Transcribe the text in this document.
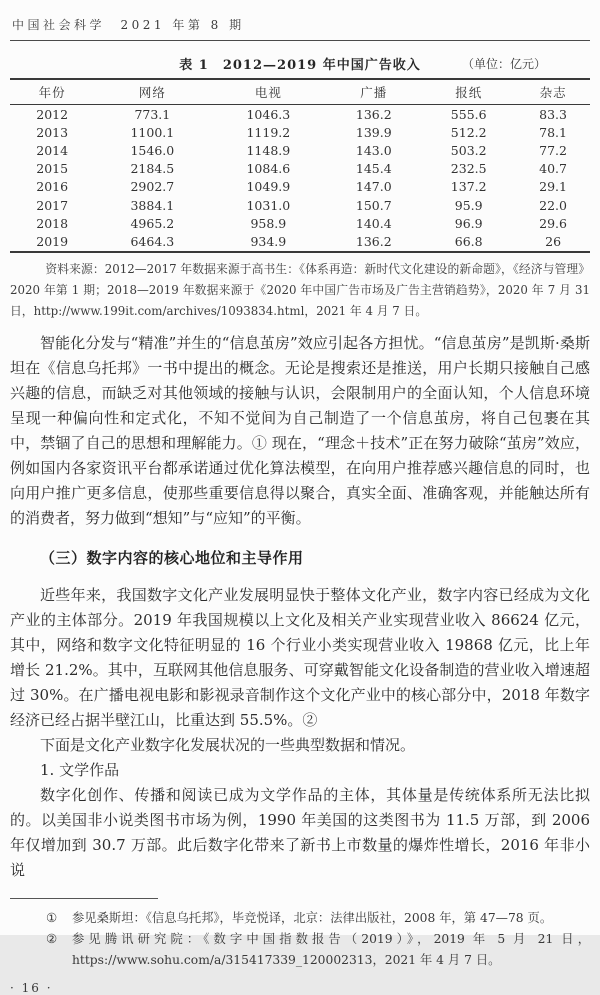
中国社会科学　2021 年第 8 期
表 1　2012—2019 年中国广告收入	（单位：亿元）
年份	网络	电视	广播	报纸	杂志
2012	773.1	1046.3	136.2	555.6	83.3
2013	1100.1	1119.2	139.9	512.2	78.1
2014	1546.0	1148.9	143.0	503.2	77.2
2015	2184.5	1084.6	145.4	232.5	40.7
2016	2902.7	1049.9	147.0	137.2	29.1
2017	3884.1	1031.0	150.7	95.9	22.0
2018	4965.2	958.9	140.4	96.9	29.6
2019	6464.3	934.9	136.2	66.8	26

资料来源：2012—2017 年数据来源于高书生：《体系再造：新时代文化建设的新命题》，《经济与管理》2020 年第 1 期；2018—2019 年数据来源于《2020 年中国广告市场及广告主营销趋势》，2020 年 7 月 31 日，http://www.199it.com/archives/1093834.html，2021 年 4 月 7 日。

智能化分发与“精准”并生的“信息茧房”效应引起各方担忧。“信息茧房”是凯斯·桑斯坦在《信息乌托邦》一书中提出的概念。无论是搜索还是推送，用户长期只接触自己感兴趣的信息，而缺乏对其他领域的接触与认识，会限制用户的全面认知，个人信息环境呈现一种偏向性和定式化，不知不觉间为自己制造了一个信息茧房，将自己包裹在其中，禁锢了自己的思想和理解能力。① 现在，“理念＋技术”正在努力破除“茧房”效应，例如国内各家资讯平台都承诺通过优化算法模型，在向用户推荐感兴趣信息的同时，也向用户推广更多信息，使那些重要信息得以聚合，真实全面、准确客观，并能触达所有的消费者，努力做到“想知”与“应知”的平衡。

（三）数字内容的核心地位和主导作用

近些年来，我国数字文化产业发展明显快于整体文化产业，数字内容已经成为文化产业的主体部分。2019 年我国规模以上文化及相关产业实现营业收入 86624 亿元，其中，网络和数字文化特征明显的 16 个行业小类实现营业收入 19868 亿元，比上年增长 21.2%。其中，互联网其他信息服务、可穿戴智能文化设备制造的营业收入增速超过 30%。在广播电视电影和影视录音制作这个文化产业中的核心部分中，2018 年数字经济已经占据半壁江山，比重达到 55.5%。②

下面是文化产业数字化发展状况的一些典型数据和情况。

1. 文学作品

数字化创作、传播和阅读已成为文学作品的主体，其体量是传统体系所无法比拟的。以美国非小说类图书市场为例，1990 年美国的这类图书为 11.5 万部，到 2006 年仅增加到 30.7 万部。此后数字化带来了新书上市数量的爆炸性增长，2016 年非小说

①	参见桑斯坦：《信息乌托邦》，毕竞悦译，北京：法律出版社，2008 年，第 47—78 页。
②	参见腾讯研究院：《数字中国指数报告（2019）》，2019 年 5 月 21 日，https://www.sohu.com/a/315417339_120002313，2021 年 4 月 7 日。
· 16 ·
